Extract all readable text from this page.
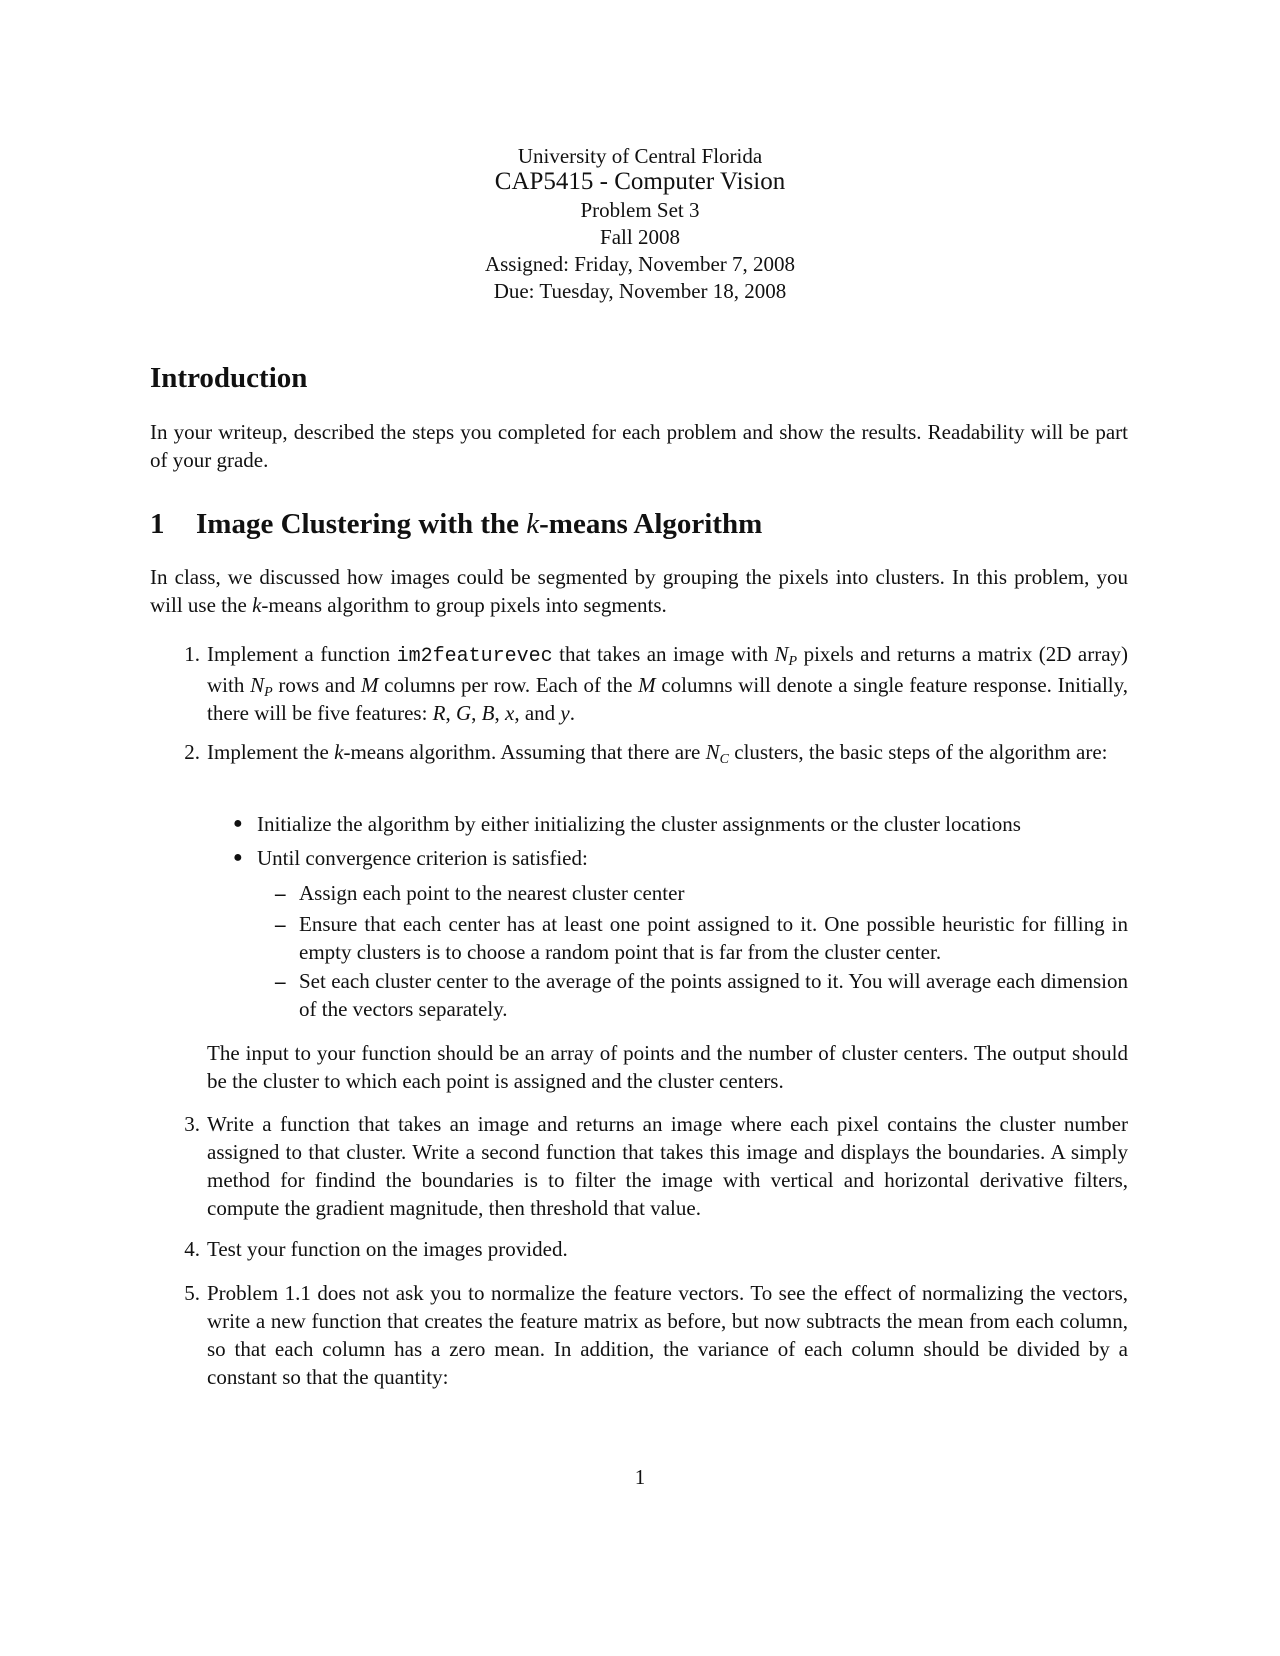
University of Central Florida
CAP5415 - Computer Vision
Problem Set 3
Fall 2008
Assigned: Friday, November 7, 2008
Due: Tuesday, November 18, 2008
Introduction
In your writeup, described the steps you completed for each problem and show the results. Readability will be part of your grade.
1 Image Clustering with the k-means Algorithm
In class, we discussed how images could be segmented by grouping the pixels into clusters. In this problem, you will use the k-means algorithm to group pixels into segments.
1. Implement a function im2featurevec that takes an image with $N_P$ pixels and returns a matrix (2D array) with $N_P$ rows and M columns per row. Each of the M columns will denote a single feature response. Initially, there will be five features: R, G, B, x, and y.
2. Implement the k-means algorithm. Assuming that there are $N_C$ clusters, the basic steps of the algorithm are:
● Initialize the algorithm by either initializing the cluster assignments or the cluster locations
● Until convergence criterion is satisfied:
– Assign each point to the nearest cluster center
– Ensure that each center has at least one point assigned to it. One possible heuristic for filling in empty clusters is to choose a random point that is far from the cluster center.
– Set each cluster center to the average of the points assigned to it. You will average each dimension of the vectors separately.
The input to your function should be an array of points and the number of cluster centers. The output should be the cluster to which each point is assigned and the cluster centers.
3. Write a function that takes an image and returns an image where each pixel contains the cluster number assigned to that cluster. Write a second function that takes this image and displays the boundaries. A simply method for findind the boundaries is to filter the image with vertical and horizontal derivative filters, compute the gradient magnitude, then threshold that value.
4. Test your function on the images provided.
5. Problem 1.1 does not ask you to normalize the feature vectors. To see the effect of normalizing the vectors, write a new function that creates the feature matrix as before, but now subtracts the mean from each column, so that each column has a zero mean. In addition, the variance of each column should be divided by a constant so that the quantity:
1
